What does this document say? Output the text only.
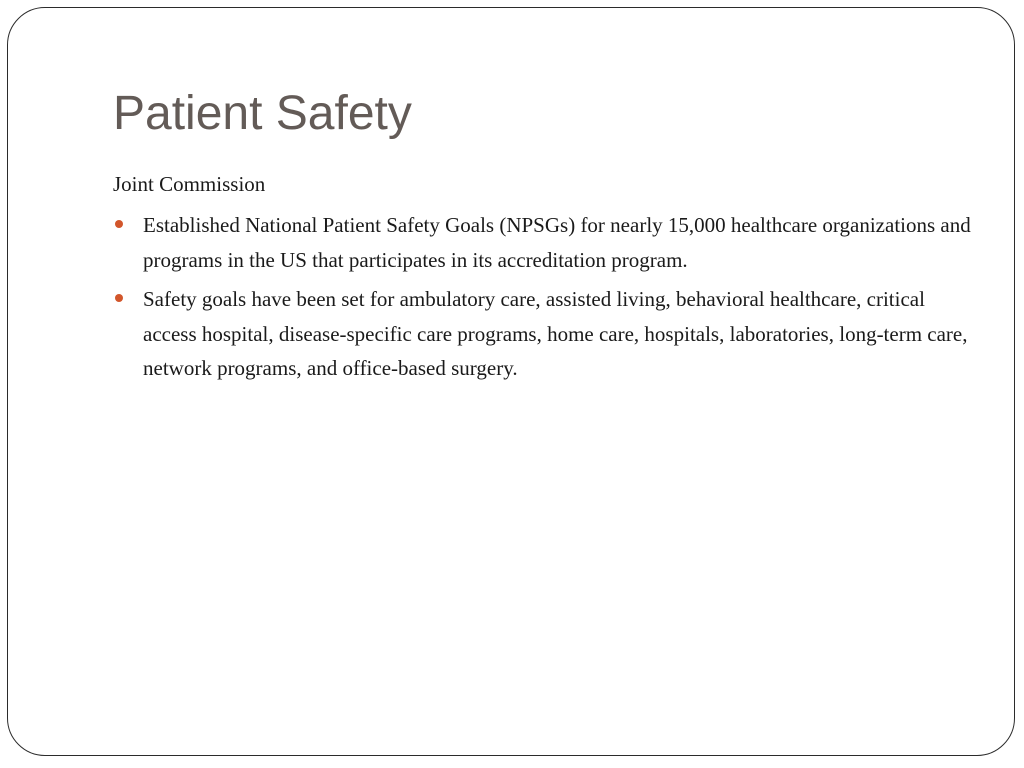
Patient Safety

Joint Commission

Established National Patient Safety Goals (NPSGs) for nearly 15,000 healthcare organizations and programs in the US that participates in its accreditation program.
Safety goals have been set for ambulatory care, assisted living, behavioral healthcare, critical access hospital, disease-specific care programs, home care, hospitals, laboratories, long-term care, network programs, and office-based surgery.
